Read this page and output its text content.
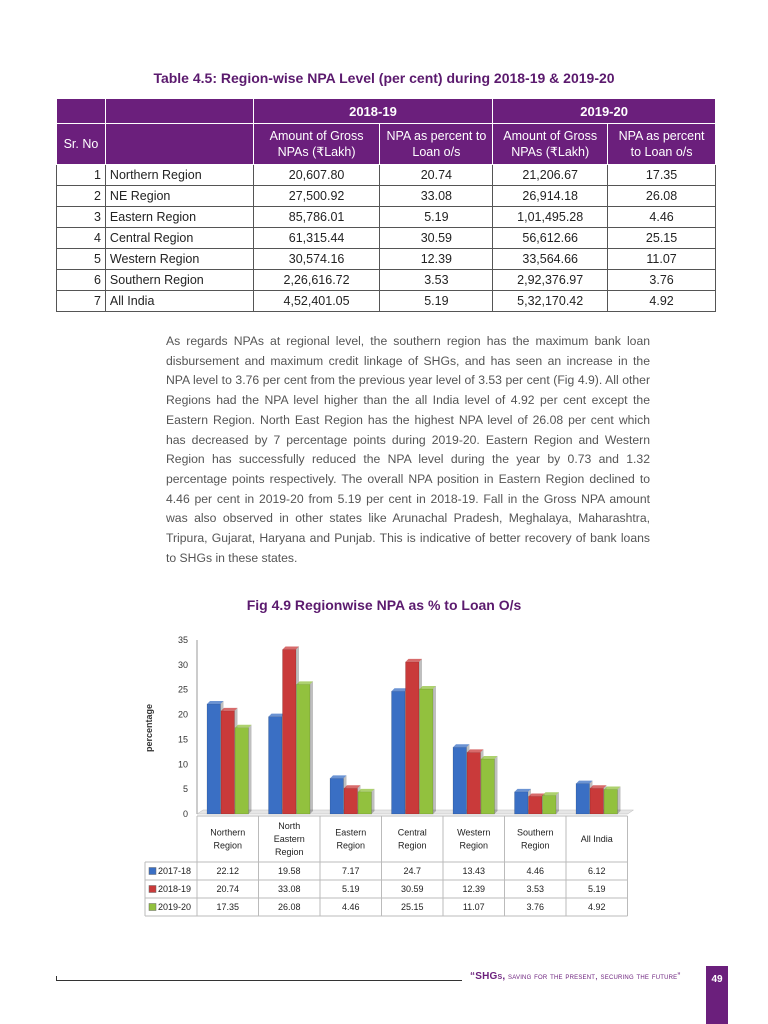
Table 4.5: Region-wise NPA Level (per cent) during 2018-19 & 2019-20
		2018-19		2019-20	
Sr. No		Amount of Gross NPAs (₹Lakh)	NPA as percent to Loan o/s	Amount of Gross NPAs (₹Lakh)	NPA as percent to Loan o/s
1	Northern Region	20,607.80	20.74	21,206.67	17.35
2	NE Region	27,500.92	33.08	26,914.18	26.08
3	Eastern Region	85,786.01	5.19	1,01,495.28	4.46
4	Central Region	61,315.44	30.59	56,612.66	25.15
5	Western Region	30,574.16	12.39	33,564.66	11.07
6	Southern Region	2,26,616.72	3.53	2,92,376.97	3.76
7	All India	4,52,401.05	5.19	5,32,170.42	4.92
As regards NPAs at regional level, the southern region has the maximum bank loan disbursement and maximum credit linkage of SHGs, and has seen an increase in the NPA level to 3.76 per cent from the previous year level of 3.53 per cent (Fig 4.9). All other Regions had the NPA level higher than the all India level of 4.92 per cent except the Eastern Region. North East Region has the highest NPA level of 26.08 per cent which has decreased by 7 percentage points during 2019-20. Eastern Region and Western Region has successfully reduced the NPA level during the year by 0.73 and 1.32 percentage points respectively. The overall NPA position in Eastern Region declined to 4.46 per cent in 2019-20 from 5.19 per cent in 2018-19. Fall in the Gross NPA amount was also observed in other states like Arunachal Pradesh, Meghalaya, Maharashtra, Tripura, Gujarat, Haryana and Punjab. This is indicative of better recovery of bank loans to SHGs in these states.
Fig 4.9 Regionwise NPA as % to Loan O/s
0
5
10
15
20
25
30
35
percentage
Northern
Region
North
Eastern
Region
Eastern
Region
Central
Region
Western
Region
Southern
Region
All India
2017-18	22.12	19.58	7.17	24.7	13.43	4.46	6.12
2018-19	20.74	33.08	5.19	30.59	12.39	3.53	5.19
2019-20	17.35	26.08	4.46	25.15	11.07	3.76	4.92
“SHGs, saving for the present, securing the future”	49
